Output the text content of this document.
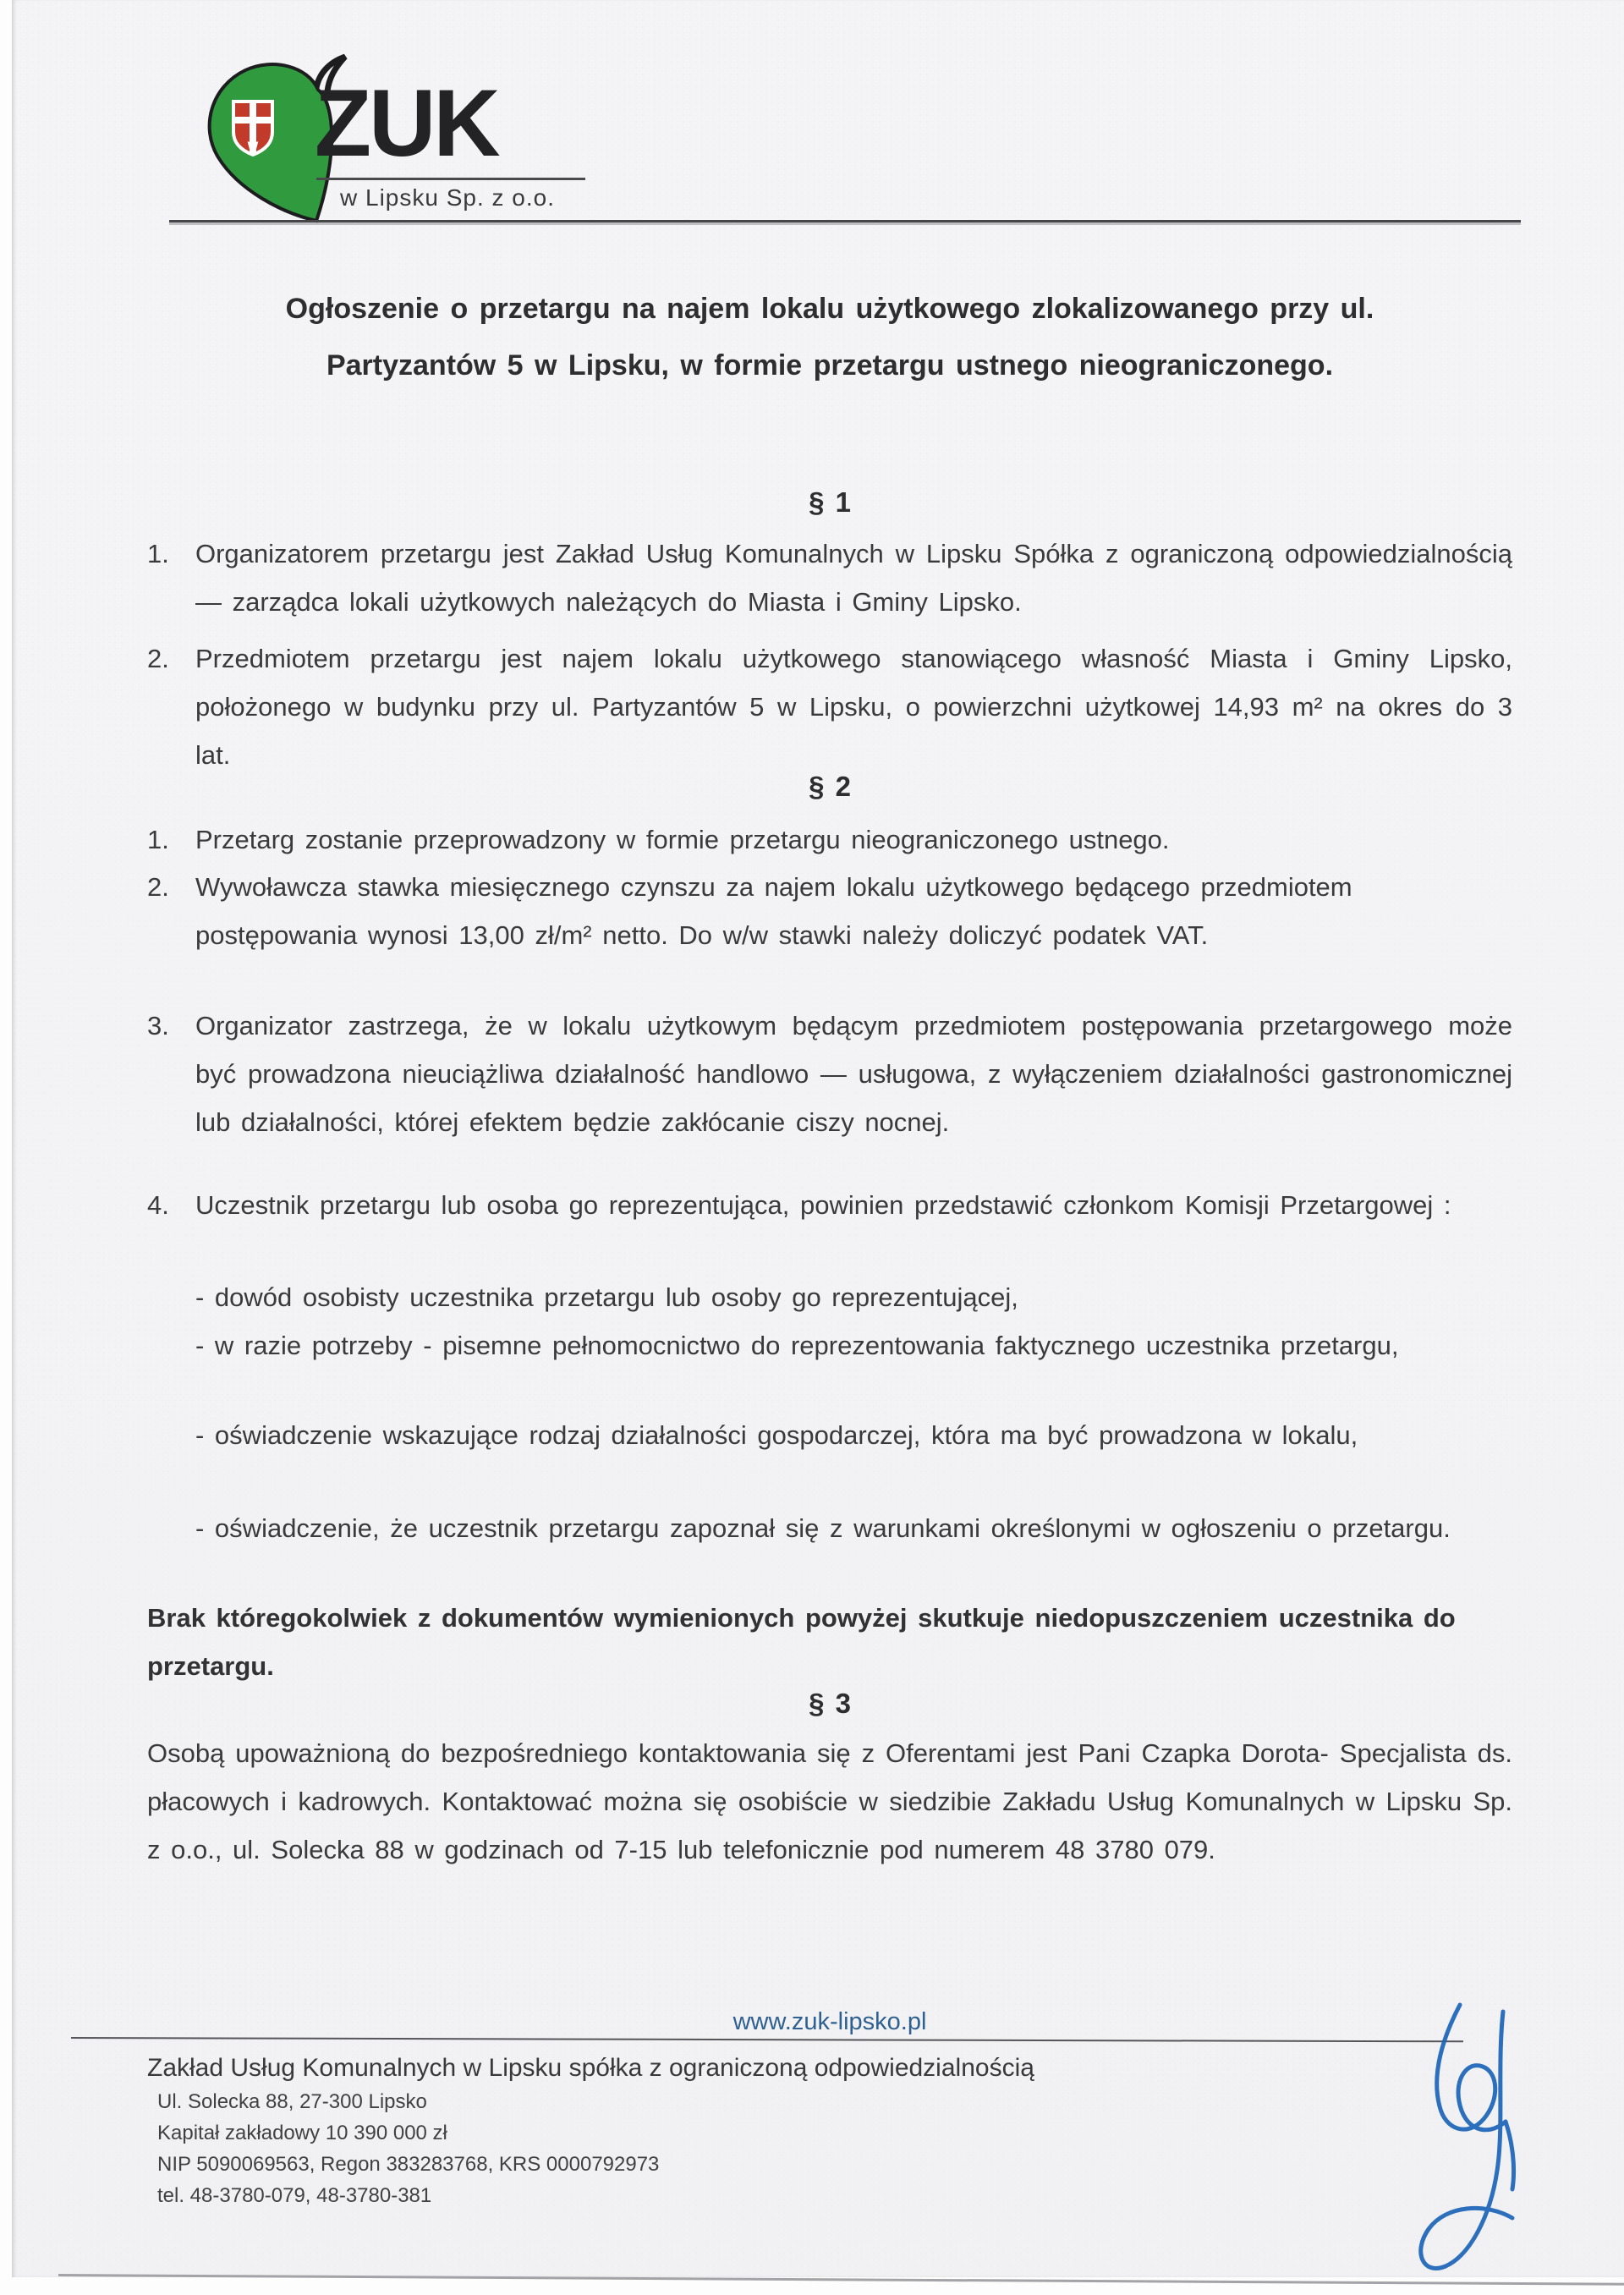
w ZUK
w Lipsku Sp. z o.o.
Ogłoszenie o przetargu na najem lokalu użytkowego zlokalizowanego przy ul. Partyzantów 5 w Lipsku, w formie przetargu ustnego nieograniczonego.
§ 1
1. Organizatorem przetargu jest Zakład Usług Komunalnych w Lipsku Spółka z ograniczoną odpowiedzialnością— zarządca lokali użytkowych należących do Miasta i Gminy Lipsko.
2. Przedmiotem przetargu jest najem lokalu użytkowego stanowiącego własność Miasta i Gminy Lipsko, położonego w budynku przy ul. Partyzantów 5 w Lipsku, o powierzchni użytkowej 14,93 m² na okres do 3 lat.
§ 2
1. Przetarg zostanie przeprowadzony w formie przetargu nieograniczonego ustnego.
2. Wywoławcza stawka miesięcznego czynszu za najem lokalu użytkowego będącego przedmiotem postępowania wynosi 13,00 zł/m² netto. Do w/w stawki należy doliczyć podatek VAT.
3. Organizator zastrzega, że w lokalu użytkowym będącym przedmiotem postępowania przetargowego może być prowadzona nieuciążliwa działalność handlowo — usługowa, z wyłączeniem działalności gastronomicznej lub działalności, której efektem będzie zakłócanie ciszy nocnej.
4. Uczestnik przetargu lub osoba go reprezentująca, powinien przedstawić członkom Komisji Przetargowej :
- dowód osobisty uczestnika przetargu lub osoby go reprezentującej,
- w razie potrzeby - pisemne pełnomocnictwo do reprezentowania faktycznego uczestnika przetargu,
- oświadczenie wskazujące rodzaj działalności gospodarczej, która ma być prowadzona w lokalu,
- oświadczenie, że uczestnik przetargu zapoznał się z warunkami określonymi w ogłoszeniu o przetargu.
Brak któregokolwiek z dokumentów wymienionych powyżej skutkuje niedopuszczeniem uczestnika do przetargu.
§ 3
Osobą upoważnioną do bezpośredniego kontaktowania się z Oferentami jest Pani Czapka Dorota- Specjalista ds. płacowych i kadrowych. Kontaktować można się osobiście w siedzibie Zakładu Usług Komunalnych w Lipsku Sp. z o.o., ul. Solecka 88 w godzinach od 7-15 lub telefonicznie pod numerem 48 3780 079.
www.zuk-lipsko.pl
Zakład Usług Komunalnych w Lipsku spółka z ograniczoną odpowiedzialnością

Ul. Solecka 88, 27-300 Lipsko

Kapitał zakładowy 10 390 000 zł

NIP 5090069563, Regon 383283768, KRS 0000792973

tel. 48-3780-079, 48-3780-381
